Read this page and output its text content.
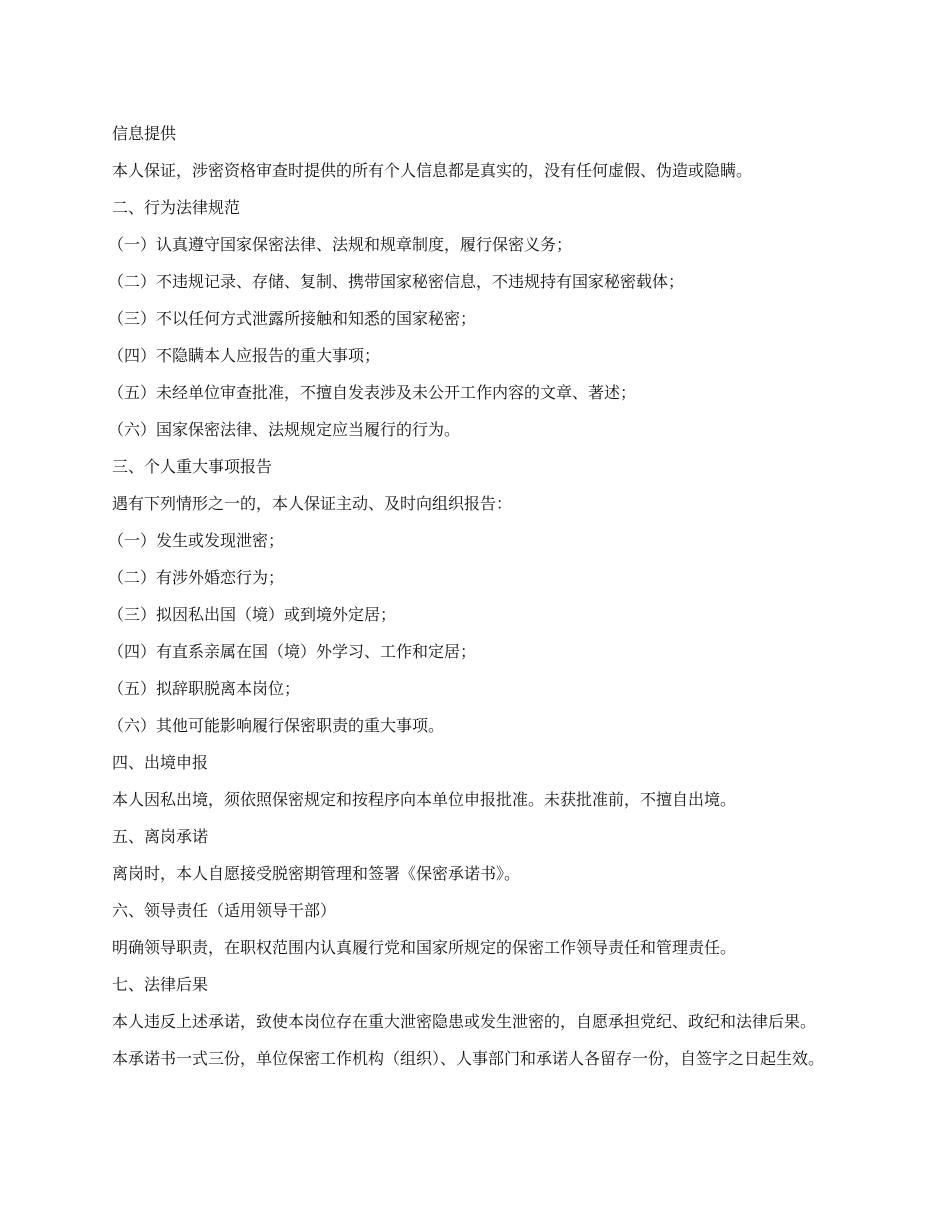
信息提供

本人保证，涉密资格审查时提供的所有个人信息都是真实的，没有任何虚假、伪造或隐瞒。

二、行为法律规范

（一）认真遵守国家保密法律、法规和规章制度，履行保密义务；

（二）不违规记录、存储、复制、携带国家秘密信息，不违规持有国家秘密载体；

（三）不以任何方式泄露所接触和知悉的国家秘密；

（四）不隐瞒本人应报告的重大事项；

（五）未经单位审查批准，不擅自发表涉及未公开工作内容的文章、著述；

（六）国家保密法律、法规规定应当履行的行为。

三、个人重大事项报告

遇有下列情形之一的，本人保证主动、及时向组织报告：

（一）发生或发现泄密；

（二）有涉外婚恋行为；

（三）拟因私出国（境）或到境外定居；

（四）有直系亲属在国（境）外学习、工作和定居；

（五）拟辞职脱离本岗位；

（六）其他可能影响履行保密职责的重大事项。

四、出境申报

本人因私出境，须依照保密规定和按程序向本单位申报批准。未获批准前，不擅自出境。

五、离岗承诺

离岗时，本人自愿接受脱密期管理和签署《保密承诺书》。

六、领导责任（适用领导干部）

明确领导职责，在职权范围内认真履行党和国家所规定的保密工作领导责任和管理责任。

七、法律后果

本人违反上述承诺，致使本岗位存在重大泄密隐患或发生泄密的，自愿承担党纪、政纪和法律后果。

本承诺书一式三份，单位保密工作机构（组织）、人事部门和承诺人各留存一份，自签字之日起生效。
